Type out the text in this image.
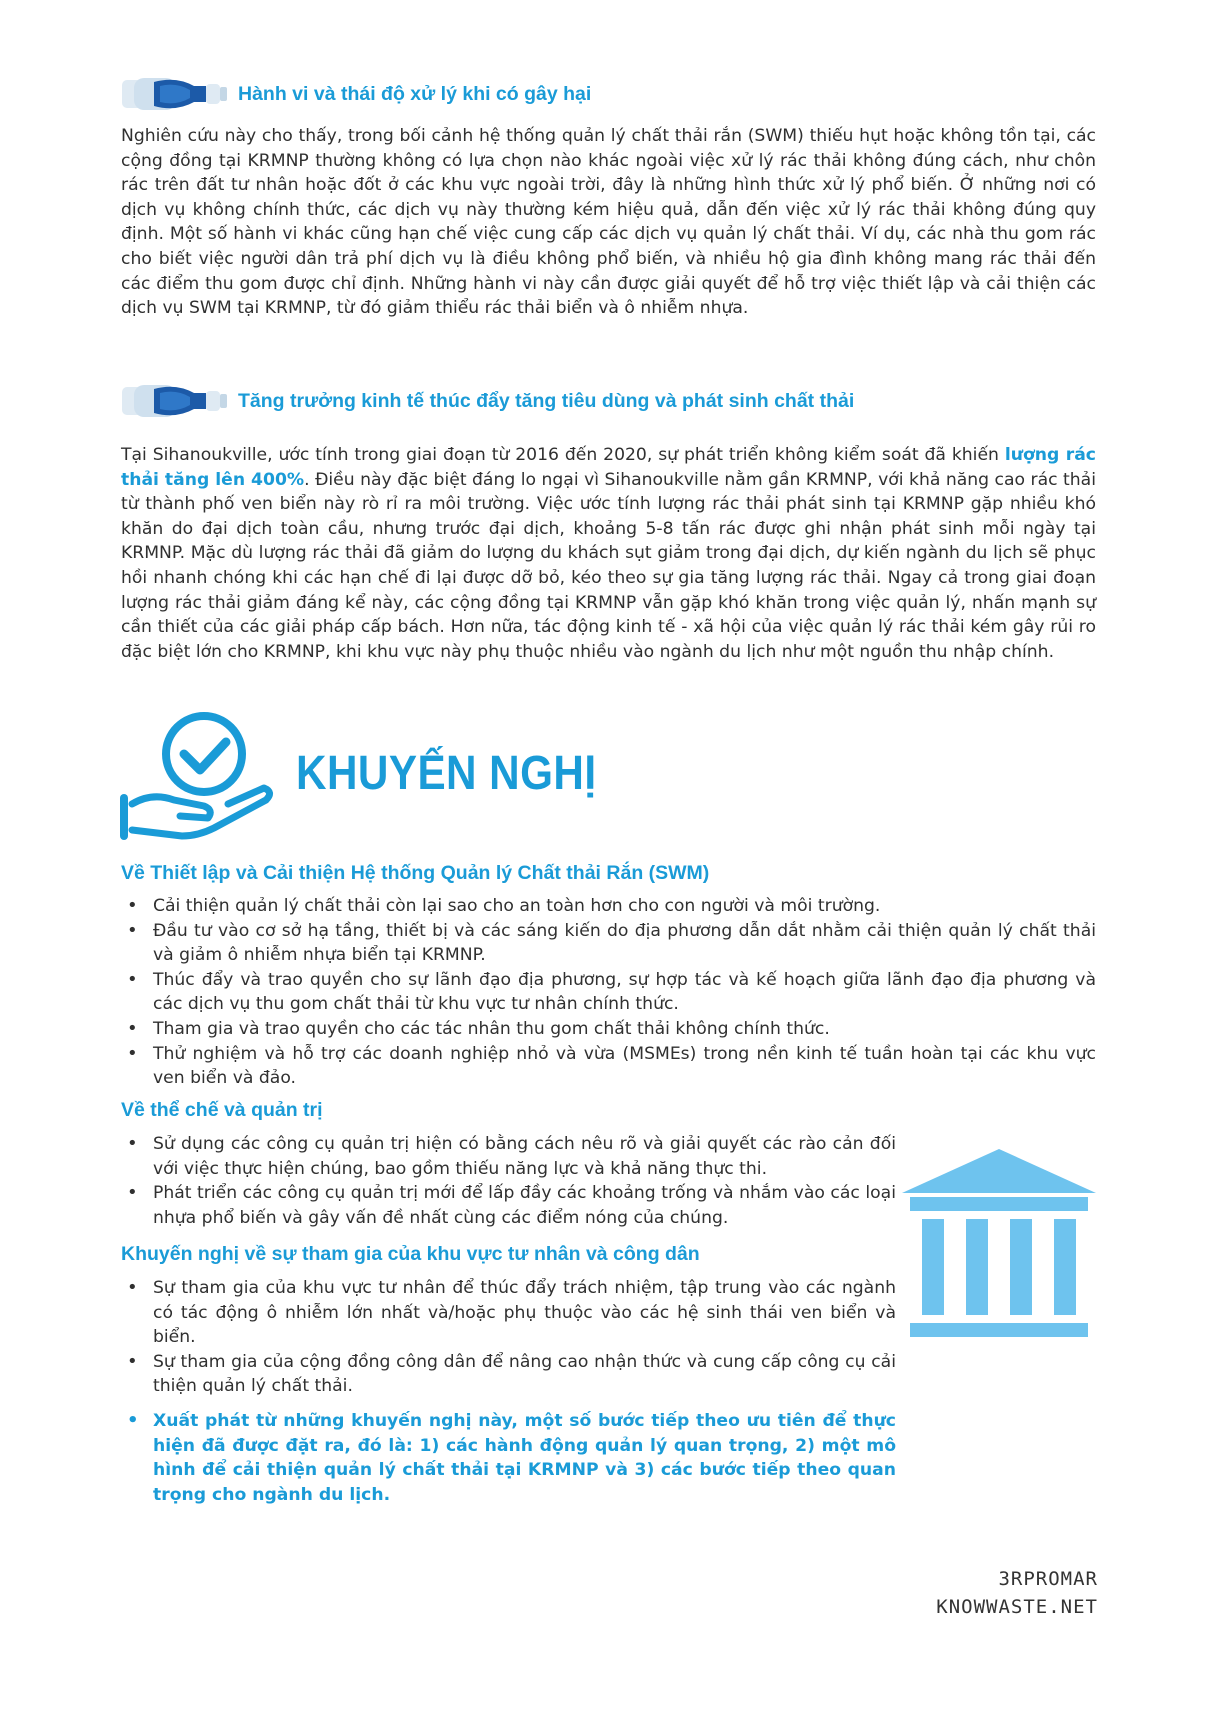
Hành vi và thái độ xử lý khi có gây hại

Nghiên cứu này cho thấy, trong bối cảnh hệ thống quản lý chất thải rắn (SWM) thiếu hụt hoặc không tồn tại, các cộng đồng tại KRMNP thường không có lựa chọn nào khác ngoài việc xử lý rác thải không đúng cách, như chôn rác trên đất tư nhân hoặc đốt ở các khu vực ngoài trời, đây là những hình thức xử lý phổ biến. Ở những nơi có dịch vụ không chính thức, các dịch vụ này thường kém hiệu quả, dẫn đến việc xử lý rác thải không đúng quy định. Một số hành vi khác cũng hạn chế việc cung cấp các dịch vụ quản lý chất thải. Ví dụ, các nhà thu gom rác cho biết việc người dân trả phí dịch vụ là điều không phổ biến, và nhiều hộ gia đình không mang rác thải đến các điểm thu gom được chỉ định. Những hành vi này cần được giải quyết để hỗ trợ việc thiết lập và cải thiện các dịch vụ SWM tại KRMNP, từ đó giảm thiểu rác thải biển và ô nhiễm nhựa.

Tăng trưởng kinh tế thúc đẩy tăng tiêu dùng và phát sinh chất thải

Tại Sihanoukville, ước tính trong giai đoạn từ 2016 đến 2020, sự phát triển không kiểm soát đã khiến lượng rác thải tăng lên 400%. Điều này đặc biệt đáng lo ngại vì Sihanoukville nằm gần KRMNP, với khả năng cao rác thải từ thành phố ven biển này rò rỉ ra môi trường. Việc ước tính lượng rác thải phát sinh tại KRMNP gặp nhiều khó khăn do đại dịch toàn cầu, nhưng trước đại dịch, khoảng 5-8 tấn rác được ghi nhận phát sinh mỗi ngày tại KRMNP. Mặc dù lượng rác thải đã giảm do lượng du khách sụt giảm trong đại dịch, dự kiến ngành du lịch sẽ phục hồi nhanh chóng khi các hạn chế đi lại được dỡ bỏ, kéo theo sự gia tăng lượng rác thải. Ngay cả trong giai đoạn lượng rác thải giảm đáng kể này, các cộng đồng tại KRMNP vẫn gặp khó khăn trong việc quản lý, nhấn mạnh sự cần thiết của các giải pháp cấp bách. Hơn nữa, tác động kinh tế - xã hội của việc quản lý rác thải kém gây rủi ro đặc biệt lớn cho KRMNP, khi khu vực này phụ thuộc nhiều vào ngành du lịch như một nguồn thu nhập chính.

KHUYẾN NGHỊ
Về Thiết lập và Cải thiện Hệ thống Quản lý Chất thải Rắn (SWM)
• Cải thiện quản lý chất thải còn lại sao cho an toàn hơn cho con người và môi trường.
• Đầu tư vào cơ sở hạ tầng, thiết bị và các sáng kiến do địa phương dẫn dắt nhằm cải thiện quản lý chất thải và giảm ô nhiễm nhựa biển tại KRMNP.
• Thúc đẩy và trao quyền cho sự lãnh đạo địa phương, sự hợp tác và kế hoạch giữa lãnh đạo địa phương và các dịch vụ thu gom chất thải từ khu vực tư nhân chính thức.
• Tham gia và trao quyền cho các tác nhân thu gom chất thải không chính thức.
• Thử nghiệm và hỗ trợ các doanh nghiệp nhỏ và vừa (MSMEs) trong nền kinh tế tuần hoàn tại các khu vực ven biển và đảo.
Về thể chế và quản trị
• Sử dụng các công cụ quản trị hiện có bằng cách nêu rõ và giải quyết các rào cản đối với việc thực hiện chúng, bao gồm thiếu năng lực và khả năng thực thi.
• Phát triển các công cụ quản trị mới để lấp đầy các khoảng trống và nhắm vào các loại nhựa phổ biến và gây vấn đề nhất cùng các điểm nóng của chúng.
Khuyến nghị về sự tham gia của khu vực tư nhân và công dân
• Sự tham gia của khu vực tư nhân để thúc đẩy trách nhiệm, tập trung vào các ngành có tác động ô nhiễm lớn nhất và/hoặc phụ thuộc vào các hệ sinh thái ven biển và biển.
• Sự tham gia của cộng đồng công dân để nâng cao nhận thức và cung cấp công cụ cải thiện quản lý chất thải.
• Xuất phát từ những khuyến nghị này, một số bước tiếp theo ưu tiên để thực hiện đã được đặt ra, đó là: 1) các hành động quản lý quan trọng, 2) một mô hình để cải thiện quản lý chất thải tại KRMNP và 3) các bước tiếp theo quan trọng cho ngành du lịch.
3RPROMAR
KNOWWASTE.NET
